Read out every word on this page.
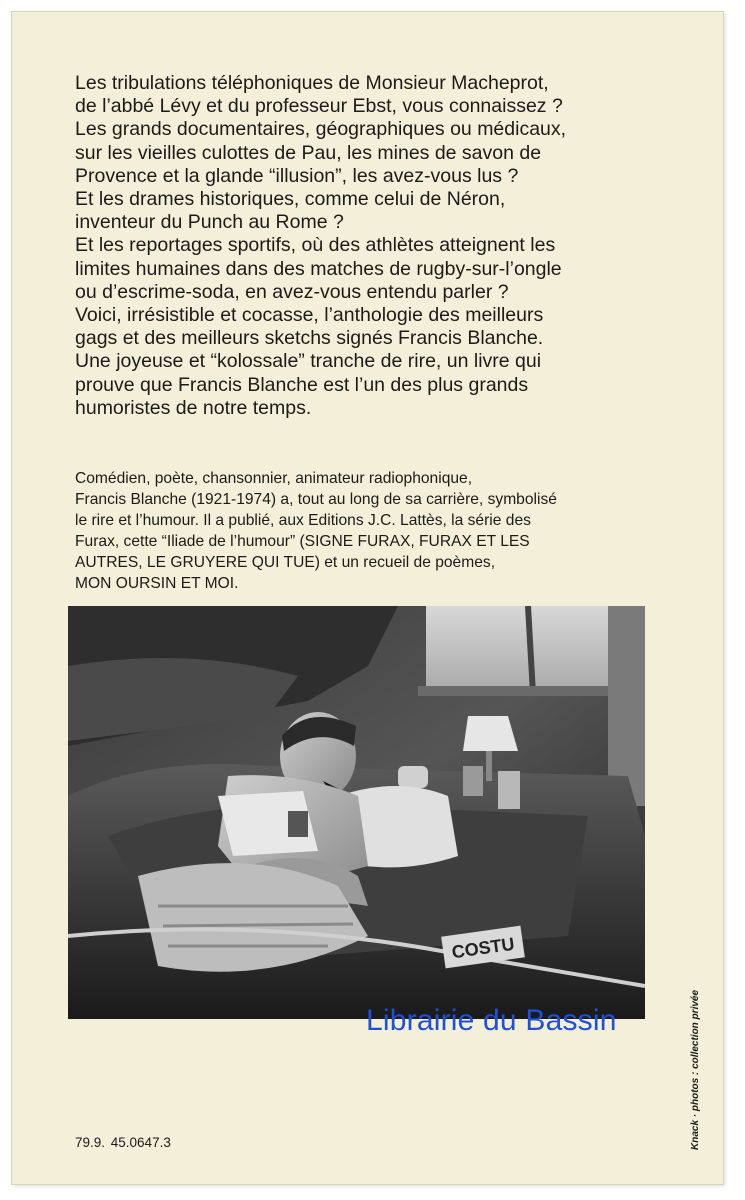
Les tribulations téléphoniques de Monsieur Macheprot,
de l’abbé Lévy et du professeur Ebst, vous connaissez ?
Les grands documentaires, géographiques ou médicaux,
sur les vieilles culottes de Pau, les mines de savon de
Provence et la glande “illusion”, les avez-vous lus ?
Et les drames historiques, comme celui de Néron,
inventeur du Punch au Rome ?
Et les reportages sportifs, où des athlètes atteignent les
limites humaines dans des matches de rugby-sur-l’ongle
ou d’escrime-soda, en avez-vous entendu parler ?
Voici, irrésistible et cocasse, l’anthologie des meilleurs
gags et des meilleurs sketchs signés Francis Blanche.
Une joyeuse et “kolossale” tranche de rire, un livre qui
prouve que Francis Blanche est l’un des plus grands
humoristes de notre temps.
Comédien, poète, chansonnier, animateur radiophonique,
Francis Blanche (1921-1974) a, tout au long de sa carrière, symbolisé
le rire et l’humour. Il a publié, aux Editions J.C. Lattès, la série des
Furax, cette “Iliade de l’humour” (SIGNE FURAX, FURAX ET LES
AUTRES, LE GRUYERE QUI TUE) et un recueil de poèmes,
MON OURSIN ET MOI.
COSTU
Librairie du Bassin	Knack · photos : collection privée
79.9. 45.0647.3
